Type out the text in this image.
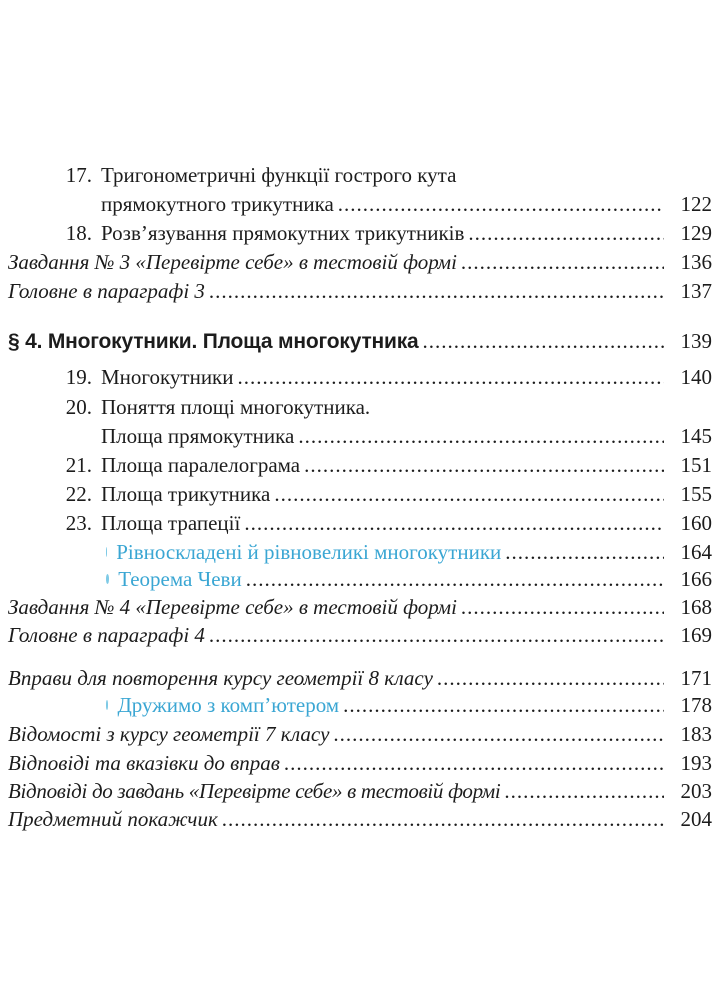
17. Тригонометричні функції гострого кута
прямокутного трикутника .....	122
18. Розв’язування прямокутних трикутників .....	129
Завдання № 3 «Перевірте себе» в тестовій формі .....	136
Головне в параграфі 3 .....	137
§ 4. Многокутники. Площа многокутника .....	139
19. Многокутники .....	140
20. Поняття площі многокутника.
Площа прямокутника .....	145
21. Площа паралелограма .....	151
22. Площа трикутника .....	155
23. Площа трапеції .....	160
Рівноскладені й рівновеликі многокутники .....	164
Теорема Чеви .....	166
Завдання № 4 «Перевірте себе» в тестовій формі .....	168
Головне в параграфі 4 .....	169
Вправи для повторення курсу геометрії 8 класу .....	171
Дружимо з комп’ютером .....	178
Відомості з курсу геометрії 7 класу .....	183
Відповіді та вказівки до вправ .....	193
Відповіді до завдань «Перевірте себе» в тестовій формі .....	203
Предметний покажчик .....	204
